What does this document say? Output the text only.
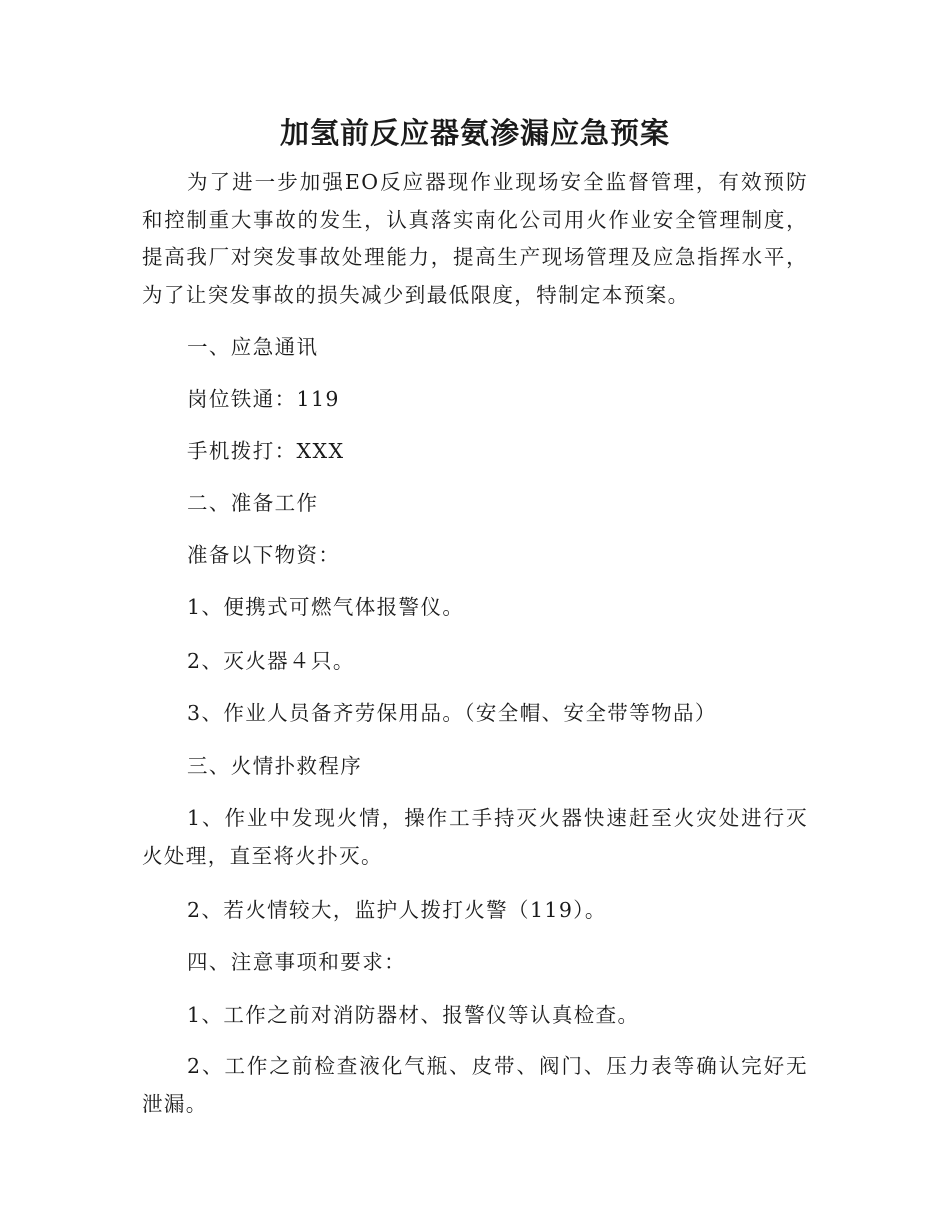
加氢前反应器氨渗漏应急预案

为了进一步加强EO反应器现作业现场安全监督管理，有效预防和控制重大事故的发生，认真落实南化公司用火作业安全管理制度，提高我厂对突发事故处理能力，提高生产现场管理及应急指挥水平，为了让突发事故的损失减少到最低限度，特制定本预案。

一、应急通讯

岗位铁通：119

手机拨打：XXX

二、准备工作

准备以下物资：

1、便携式可燃气体报警仪。

2、灭火器４只。

3、作业人员备齐劳保用品。（安全帽、安全带等物品）

三、火情扑救程序

1、作业中发现火情，操作工手持灭火器快速赶至火灾处进行灭火处理，直至将火扑灭。

2、若火情较大，监护人拨打火警（119）。

四、注意事项和要求：

1、工作之前对消防器材、报警仪等认真检查。

2、工作之前检查液化气瓶、皮带、阀门、压力表等确认完好无泄漏。
